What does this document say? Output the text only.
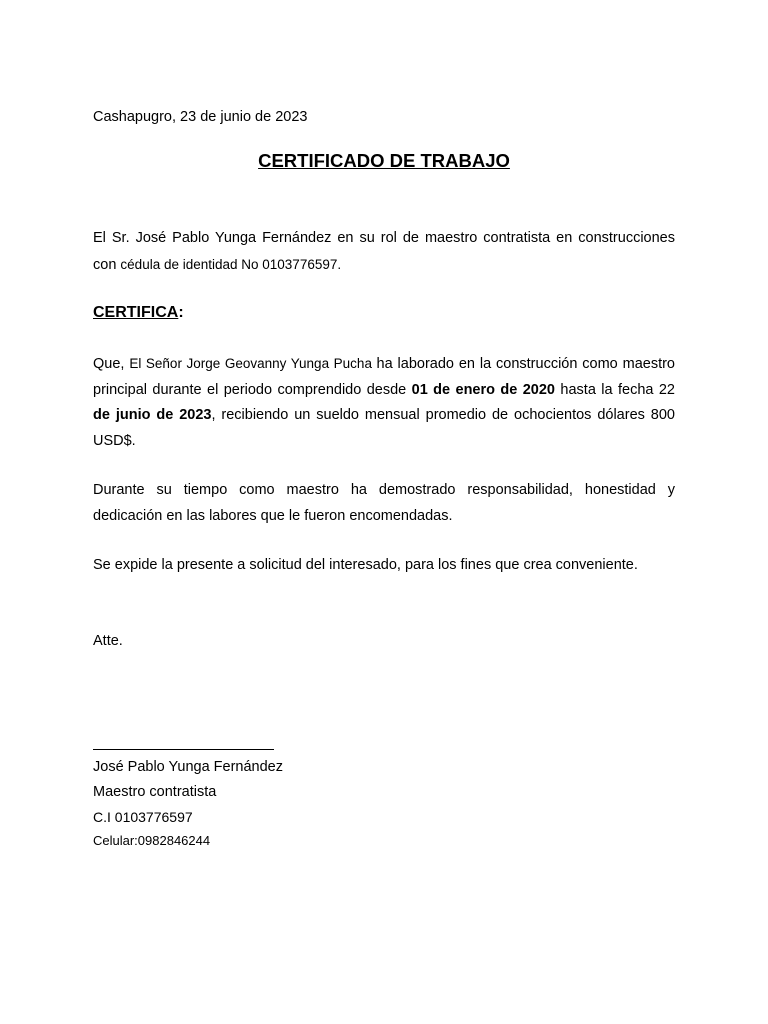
Cashapugro, 23 de junio de 2023
CERTIFICADO DE TRABAJO
El Sr. José Pablo Yunga Fernández en su rol de maestro contratista en construcciones con cédula de identidad No 0103776597.
CERTIFICA:
Que, El Señor Jorge Geovanny Yunga Pucha ha laborado en la construcción como maestro principal durante el periodo comprendido desde 01 de enero de 2020 hasta la fecha 22 de junio de 2023, recibiendo un sueldo mensual promedio de ochocientos dólares 800 USD$.
Durante su tiempo como maestro ha demostrado responsabilidad, honestidad y dedicación en las labores que le fueron encomendadas.
Se expide la presente a solicitud del interesado, para los fines que crea conveniente.
Atte.
José Pablo Yunga Fernández
Maestro contratista
C.I 0103776597
Celular:0982846244
